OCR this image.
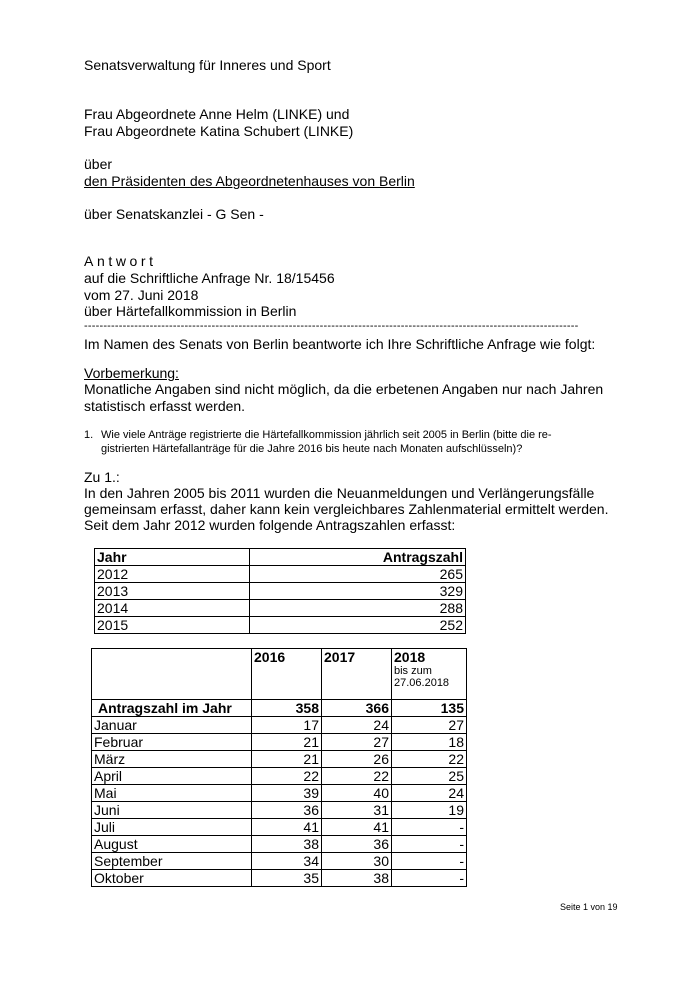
Senatsverwaltung für Inneres und Sport
Frau Abgeordnete Anne Helm (LINKE) und
Frau Abgeordnete Katina Schubert (LINKE)
über
den Präsidenten des Abgeordnetenhauses von Berlin
über Senatskanzlei - G Sen -
Antwort
auf die Schriftliche Anfrage Nr. 18/15456
vom 27. Juni 2018
über Härtefallkommission in Berlin
--------------------------------------------------------------------------------------------------------------------------------
Im Namen des Senats von Berlin beantworte ich Ihre Schriftliche Anfrage wie folgt:
Vorbemerkung:
Monatliche Angaben sind nicht möglich, da die erbetenen Angaben nur nach Jahren
statistisch erfasst werden.
1. Wie viele Anträge registrierte die Härtefallkommission jährlich seit 2005 in Berlin (bitte die re-
gistrierten Härtefallanträge für die Jahre 2016 bis heute nach Monaten aufschlüsseln)?
Zu 1.:
In den Jahren 2005 bis 2011 wurden die Neuanmeldungen und Verlängerungsfälle
gemeinsam erfasst, daher kann kein vergleichbares Zahlenmaterial ermittelt werden.
Seit dem Jahr 2012 wurden folgende Antragszahlen erfasst:
Jahr	Antragszahl
2012	265
2013	329
2014	288
2015	252
	2016	2017	2018
bis zum 27.06.2018

Antragszahl im Jahr	358	366	135
Januar	17	24	27
Februar	21	27	18
März	21	26	22
April	22	22	25
Mai	39	40	24
Juni	36	31	19
Juli	41	41	-
August	38	36	-
September	34	30	-
Oktober	35	38	-
Seite 1 von 19
